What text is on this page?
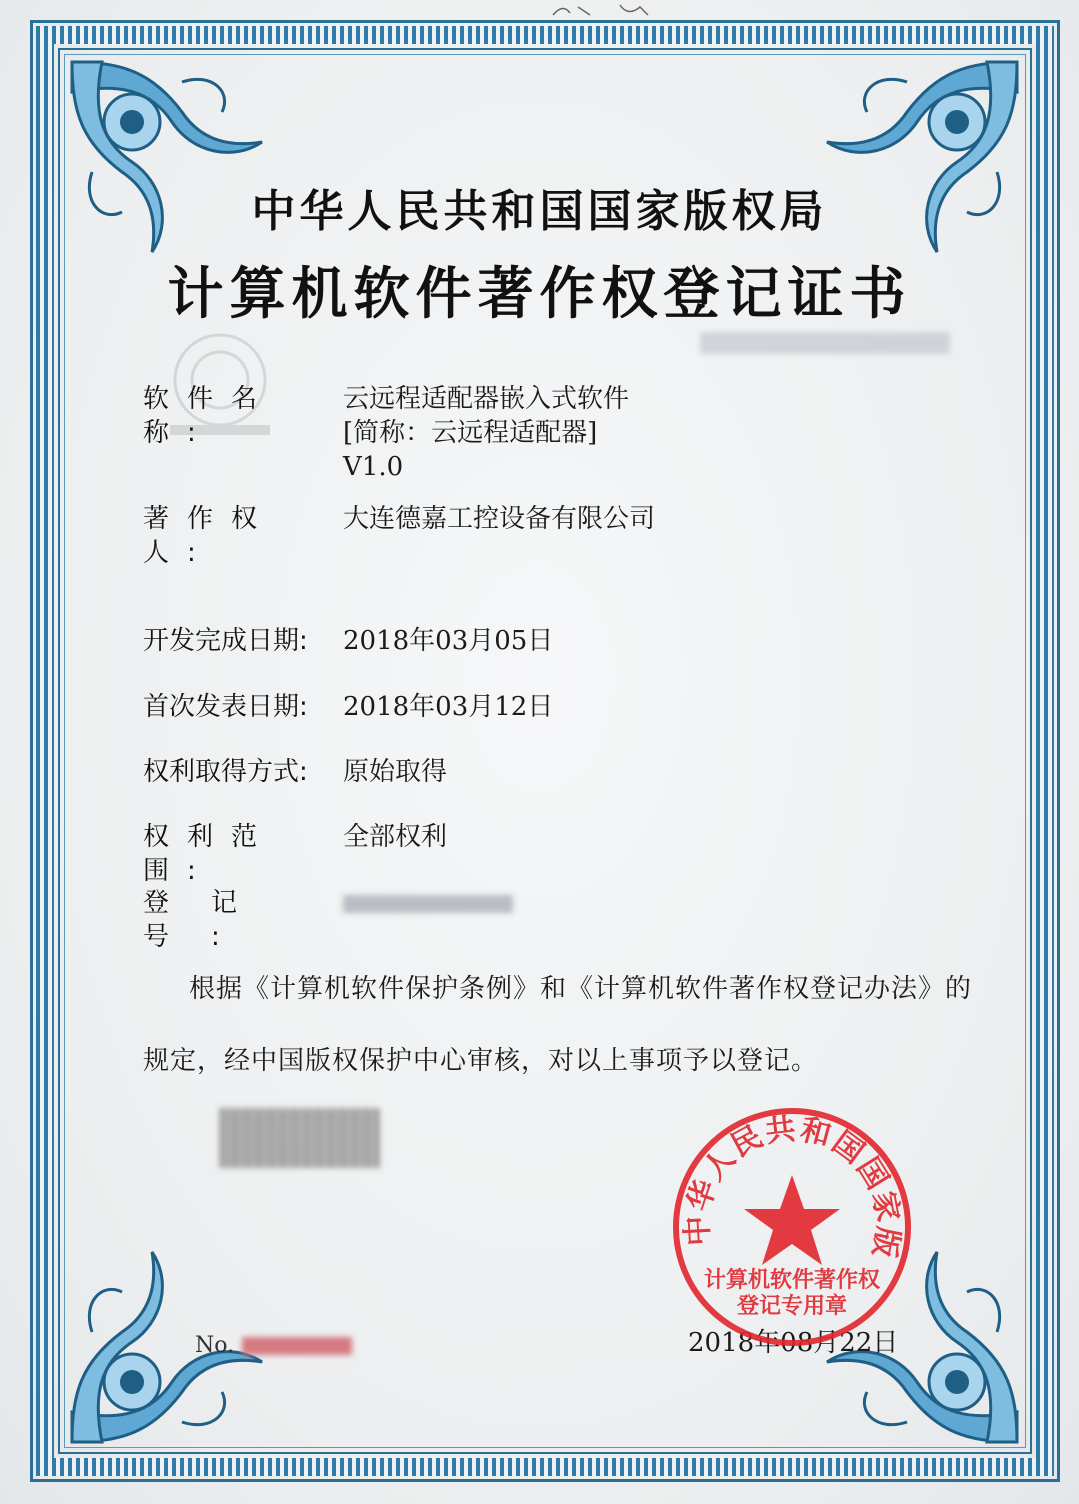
中华人民共和国国家版权局
计算机软件著作权登记证书
软件名称:
云远程适配器嵌入式软件
[简称：云远程适配器]
V1.0
著作权人:大连德嘉工控设备有限公司
开发完成日期: 2018年03月05日
首次发表日期: 2018年03月12日
权利取得方式: 原始取得
权利范围:全部权利
登记号:
根据《计算机软件保护条例》和《计算机软件著作权登记办法》的
规定，经中国版权保护中心审核，对以上事项予以登记。
No.	2018年08月22日
中华人民共和国国家版
计算机软件著作权
登记专用章
